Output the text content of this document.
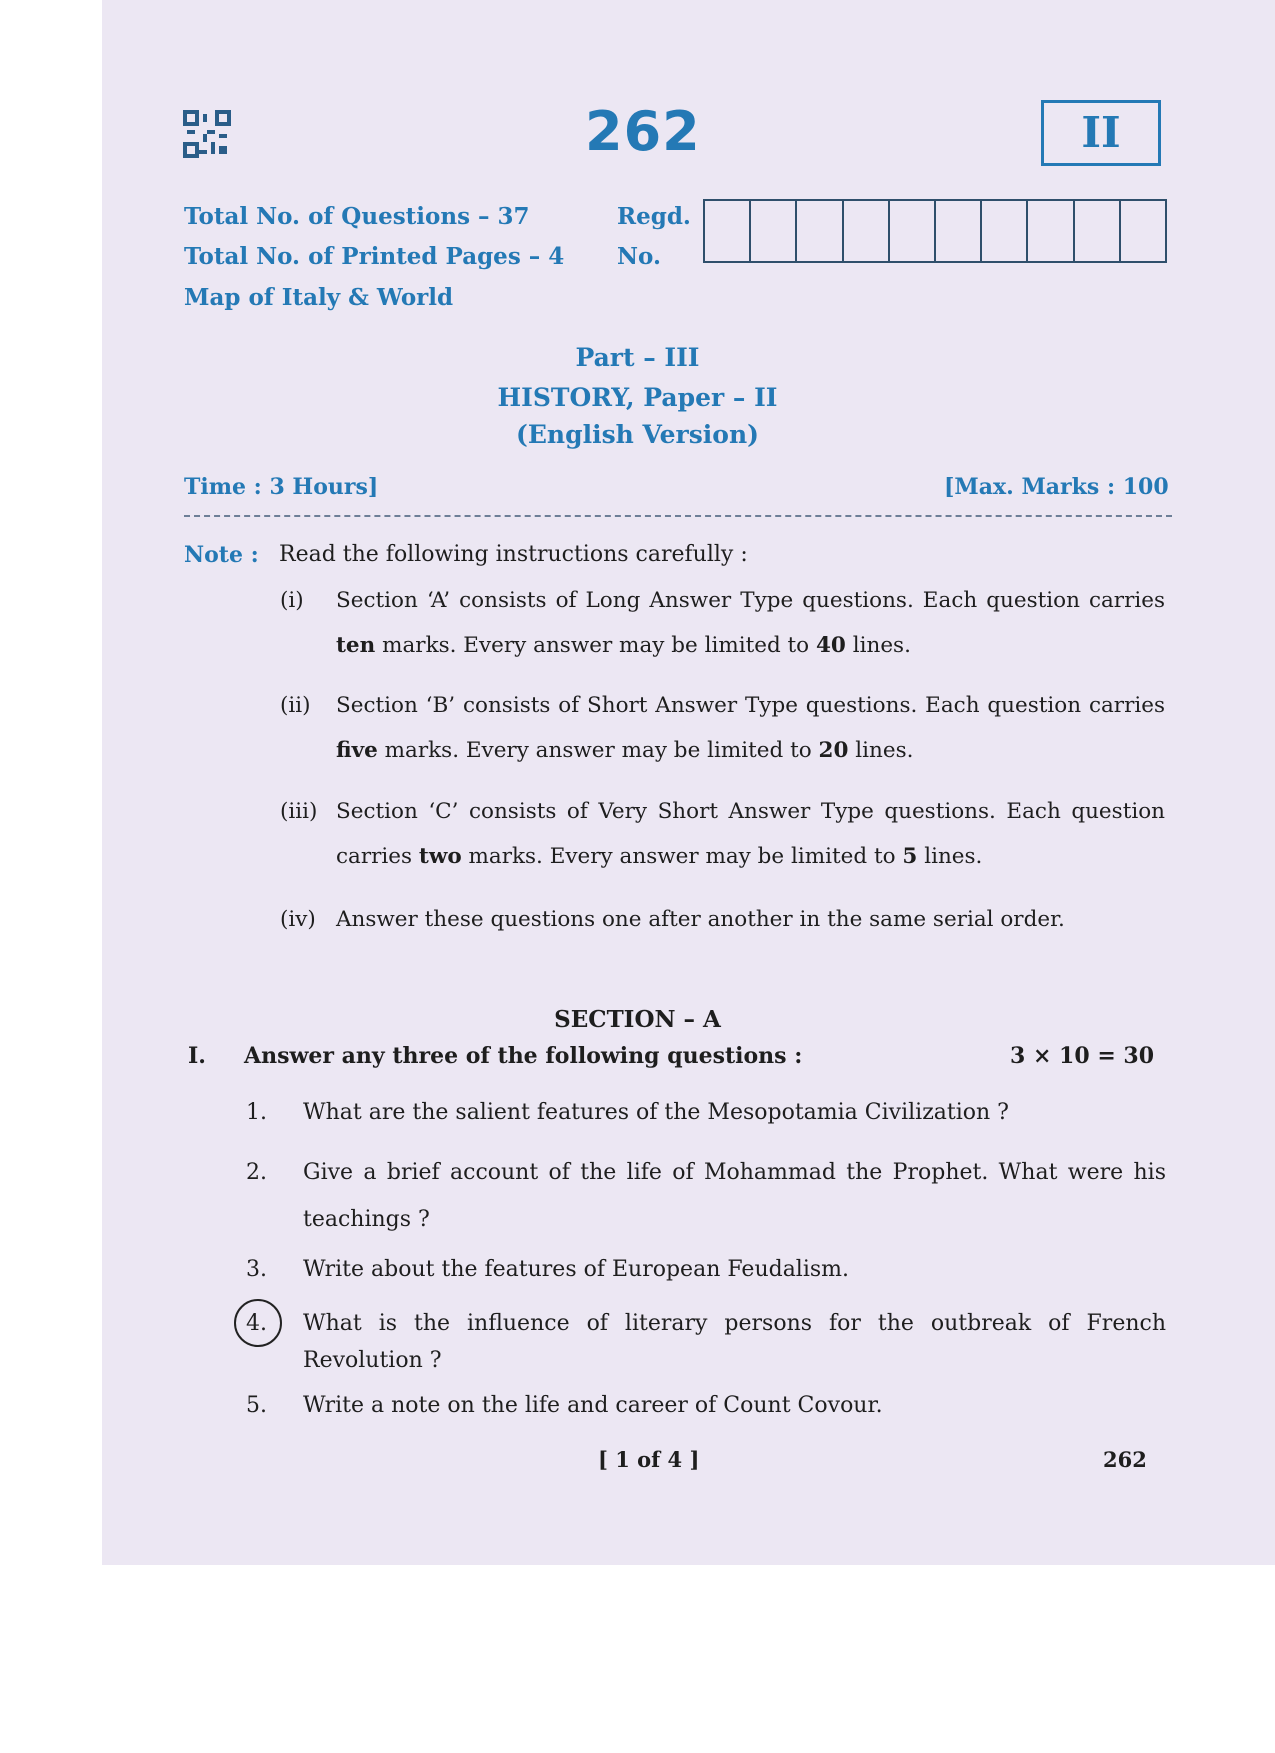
262	II
Total No. of Questions – 37
Total No. of Printed Pages – 4
Map of Italy & World
Regd.
No.
Part – III
HISTORY, Paper – II
(English Version)
Time : 3 Hours]	[Max. Marks : 100
Note : Read the following instructions carefully :
(i) Section ‘A’ consists of Long Answer Type questions. Each question carries ten marks. Every answer may be limited to 40 lines.
(ii) Section ‘B’ consists of Short Answer Type questions. Each question carries five marks. Every answer may be limited to 20 lines.
(iii) Section ‘C’ consists of Very Short Answer Type questions. Each question carries two marks. Every answer may be limited to 5 lines.
(iv) Answer these questions one after another in the same serial order.
SECTION – A
I. Answer any three of the following questions :	3 × 10 = 30
1. What are the salient features of the Mesopotamia Civilization ?
2. Give a brief account of the life of Mohammad the Prophet. What were his teachings ?
3. Write about the features of European Feudalism.
4. What is the influence of literary persons for the outbreak of French Revolution ?
5. Write a note on the life and career of Count Covour.
[ 1 of 4 ]	262
